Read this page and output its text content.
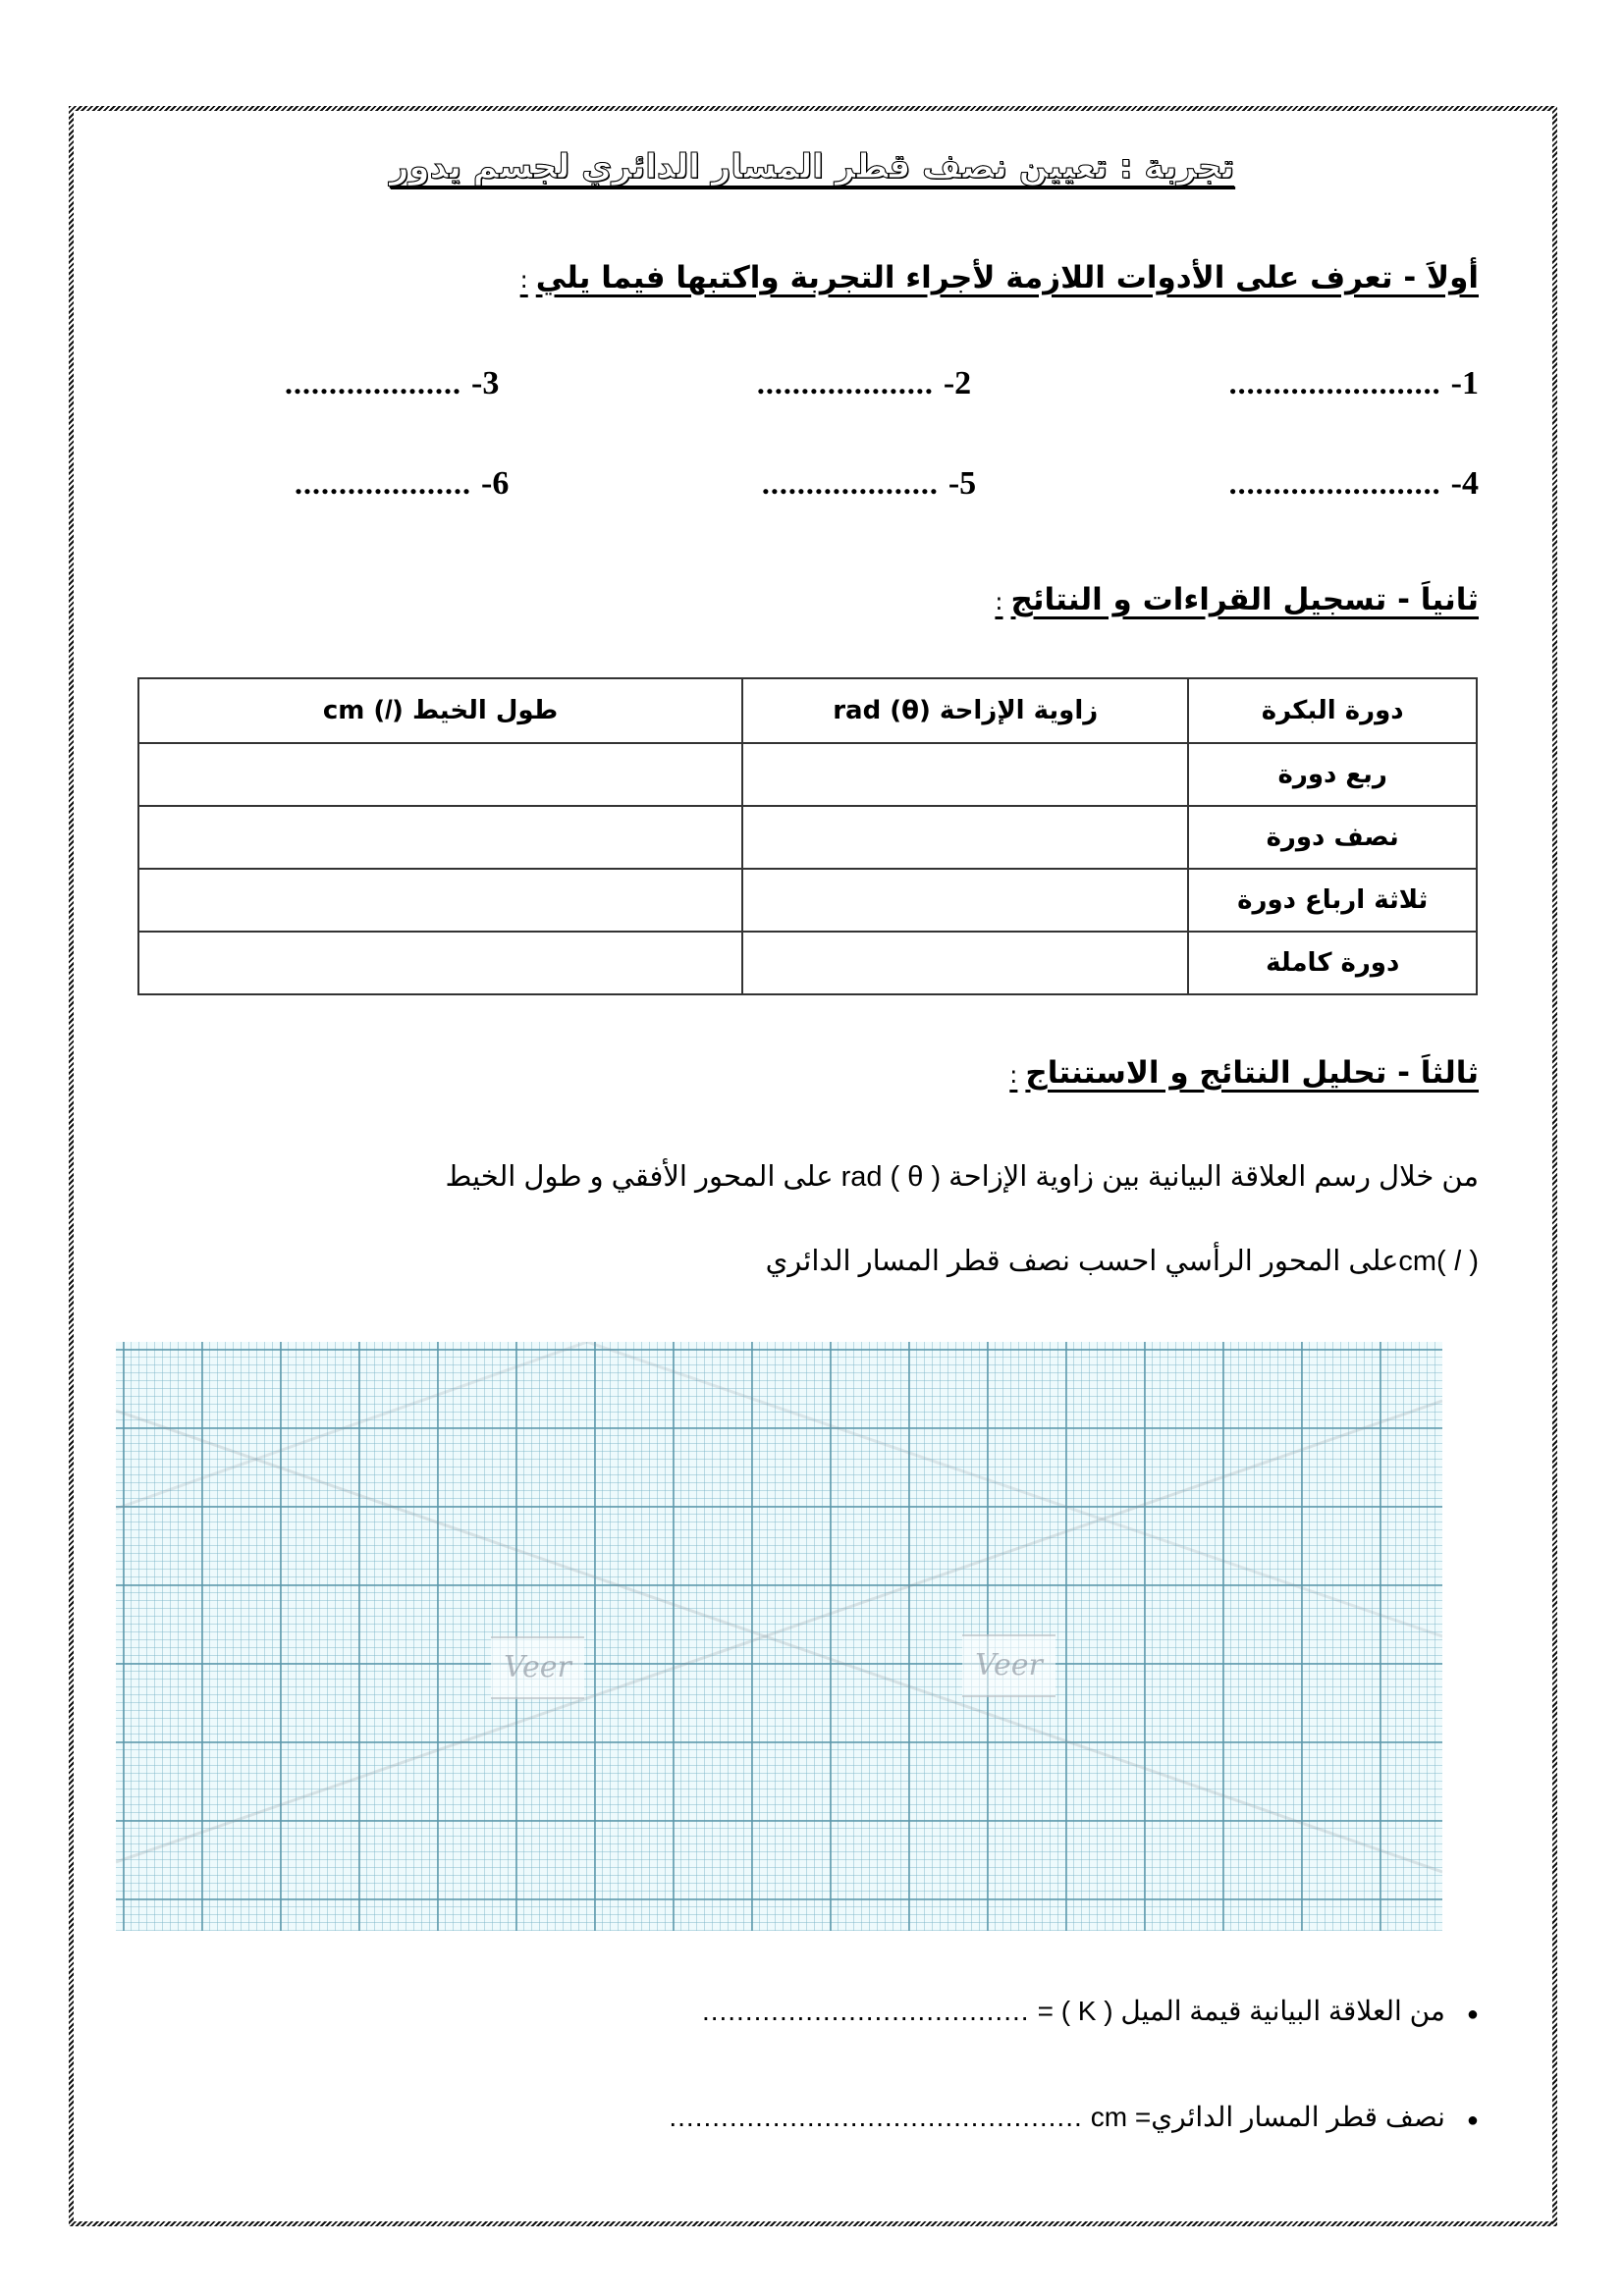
تجربة : تعيين نصف قطر المسار الدائري لجسم يدور
أولاَ - تعرف على الأدوات اللازمة لأجراء التجربة واكتبها فيما يلي:
1-
........................
2-
....................
3-
....................
4-
........................
5-
....................
6-
....................
ثانياَ - تسجيل القراءات و النتائج:
دورة البكرة	زاوية الإزاحة rad (θ)	طول الخيط cm (𝑙)
ربع دورة		
نصف دورة		
ثلاثة ارباع دورة		
دورة كاملة		
ثالثاَ - تحليل النتائج و الاستنتاج:
من خلال رسم العلاقة البيانية بين زاوية الإزاحة rad ( θ ) على المحور الأفقي و طول الخيط
cm( 𝑙 )على المحور الرأسي احسب نصف قطر المسار الدائري
Veer	Veer
●
من العلاقة البيانية قيمة الميل ( K ) =
......................................
●
نصف قطر المسار الدائري= cm
................................................
